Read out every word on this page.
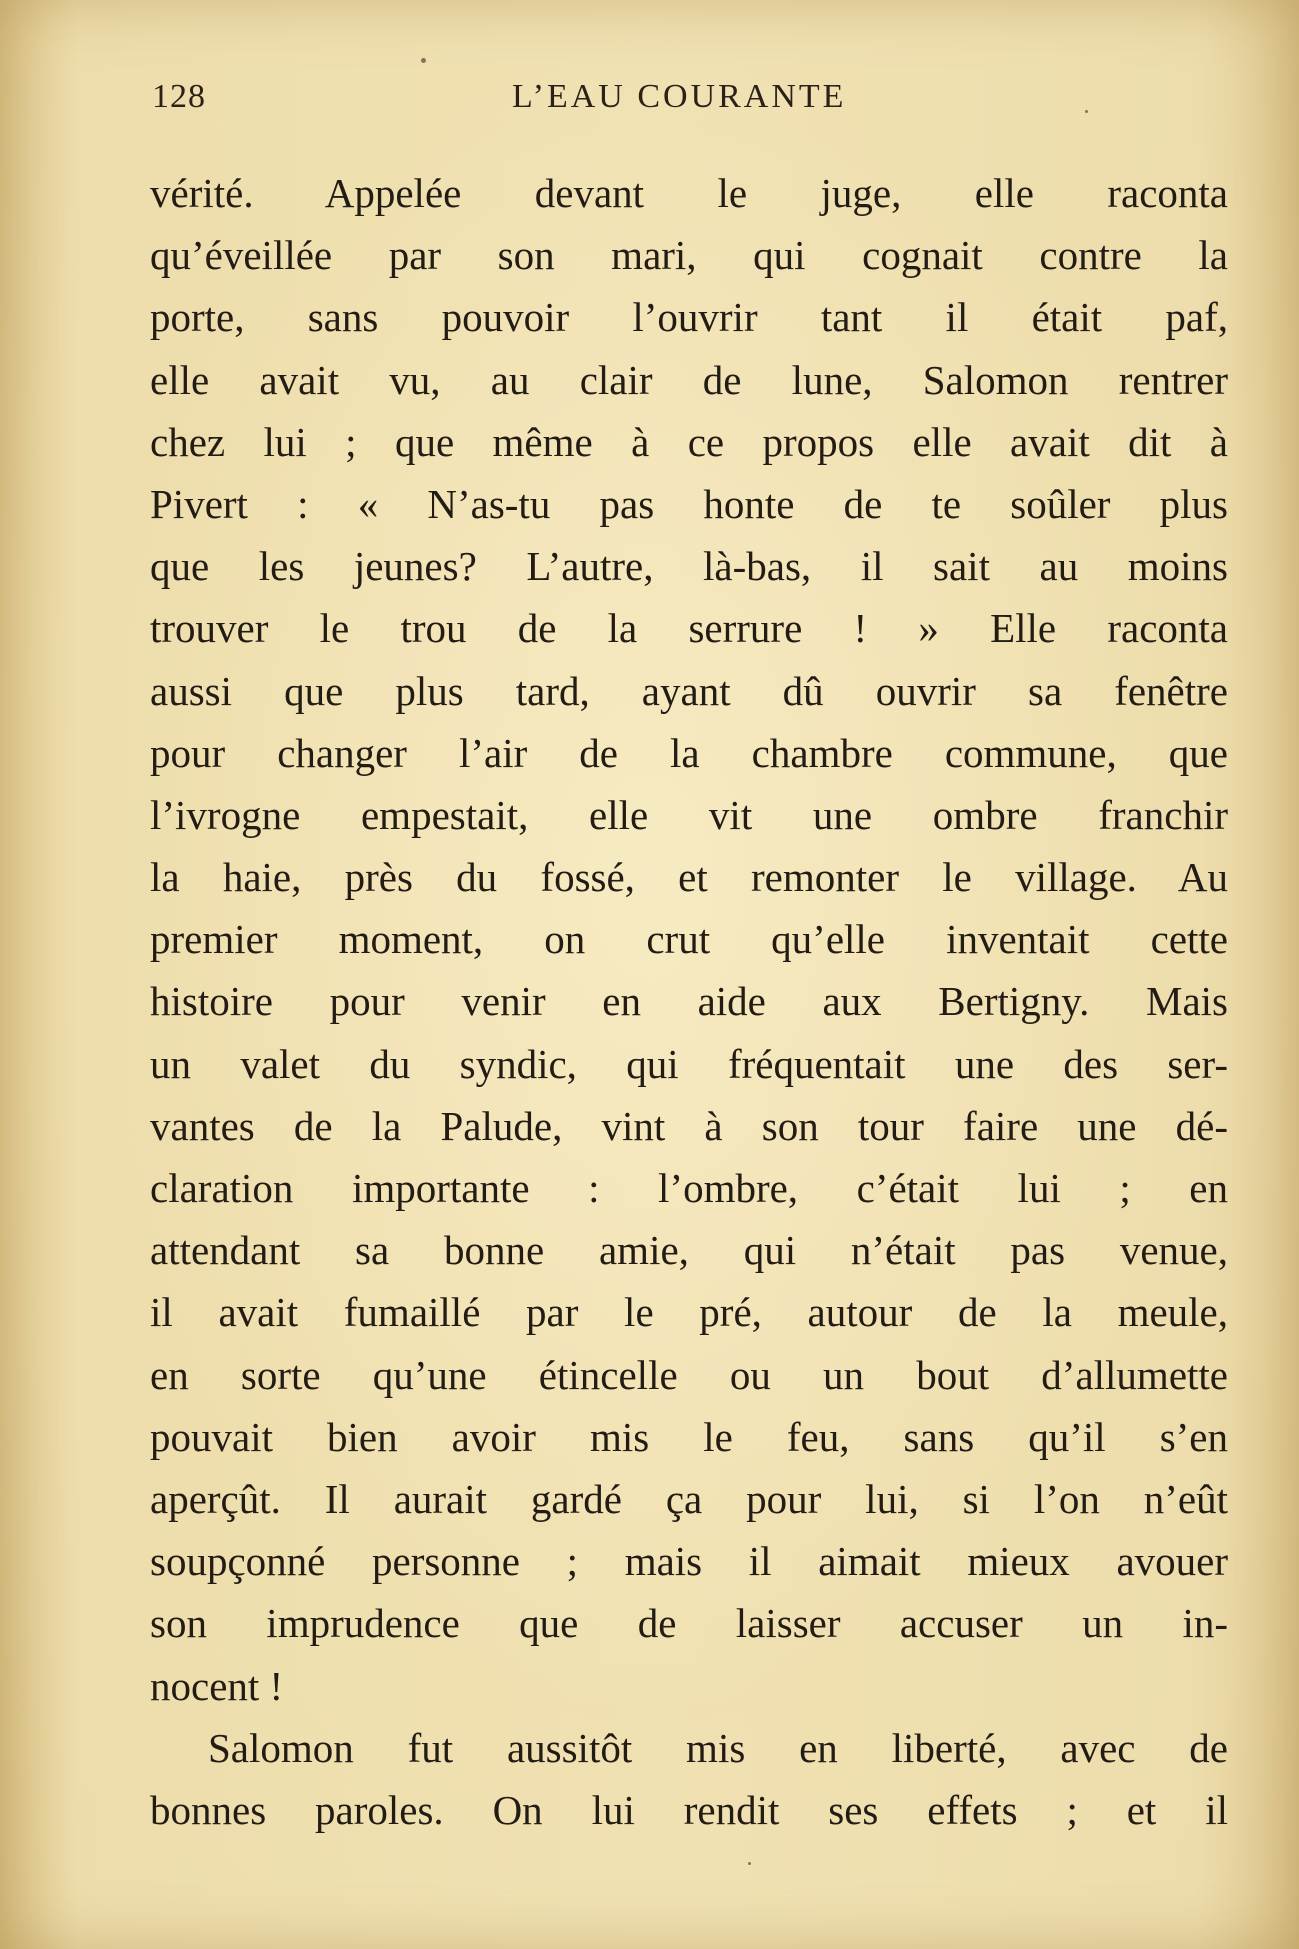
128	L’EAU COURANTE
vérité. Appelée devant le juge, elle raconta
qu’éveillée par son mari, qui cognait contre la
porte, sans pouvoir l’ouvrir tant il était paf,
elle avait vu, au clair de lune, Salomon rentrer
chez lui ; que même à ce propos elle avait dit à
Pivert : « N’as-tu pas honte de te soûler plus
que les jeunes? L’autre, là-bas, il sait au moins
trouver le trou de la serrure ! » Elle raconta
aussi que plus tard, ayant dû ouvrir sa fenêtre
pour changer l’air de la chambre commune, que
l’ivrogne empestait, elle vit une ombre franchir
la haie, près du fossé, et remonter le village. Au
premier moment, on crut qu’elle inventait cette
histoire pour venir en aide aux Bertigny. Mais
un valet du syndic, qui fréquentait une des ser-
vantes de la Palude, vint à son tour faire une dé-
claration importante : l’ombre, c’était lui ; en
attendant sa bonne amie, qui n’était pas venue,
il avait fumaillé par le pré, autour de la meule,
en sorte qu’une étincelle ou un bout d’allumette
pouvait bien avoir mis le feu, sans qu’il s’en
aperçût. Il aurait gardé ça pour lui, si l’on n’eût
soupçonné personne ; mais il aimait mieux avouer
son imprudence que de laisser accuser un in-
nocent !
Salomon fut aussitôt mis en liberté, avec de
bonnes paroles. On lui rendit ses effets ; et il
